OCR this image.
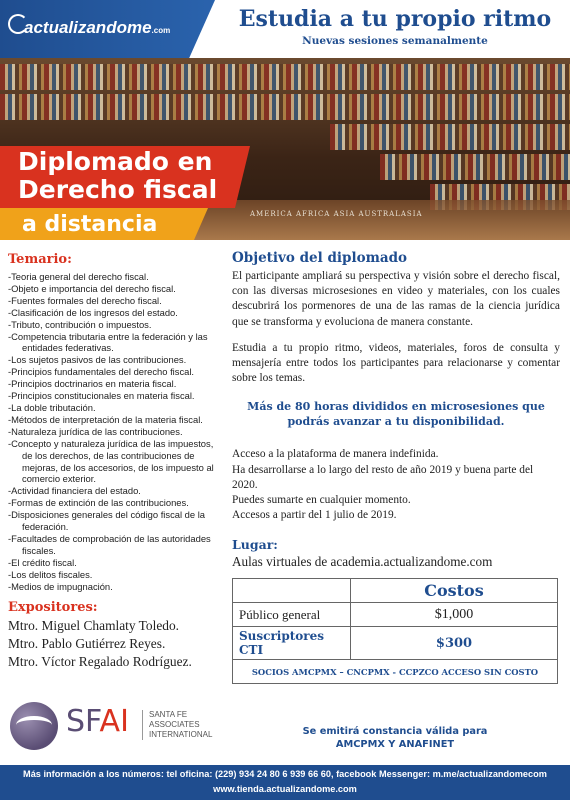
actualizandome.com	Estudia a tu propio ritmo
Nuevas sesiones semanalmente
AMERICA AFRICA ASIA AUSTRALASIA
Diplomado en
Derecho fiscal
a distancia
Temario:
-Teoria general del derecho fiscal.
-Objeto e importancia del derecho fiscal.
-Fuentes formales del derecho fiscal.
-Clasificación de los ingresos del estado.
-Tributo, contribución o impuestos.
-Competencia tributaria entre la federación y las entidades federativas.
-Los sujetos pasivos de las contribuciones.
-Principios fundamentales del derecho fiscal.
-Principios doctrinarios en materia fiscal.
-Principios constitucionales en materia fiscal.
-La doble tributación.
-Métodos de interpretación de la materia fiscal.
-Naturaleza jurídica de las contribuciones.
-Concepto y naturaleza jurídica de las impuestos, de los derechos, de las contribuciones de mejoras, de los accesorios, de los impuesto al comercio exterior.
-Actividad financiera del estado.
-Formas de extinción de las contribuciones.
-Disposiciones generales del código fiscal de la federación.
-Facultades de comprobación de las autoridades fiscales.
-El crédito fiscal.
-Los delitos fiscales.
-Medios de impugnación.
Expositores:
Mtro. Miguel Chamlaty Toledo.
Mtro. Pablo Gutiérrez Reyes.
Mtro. Víctor Regalado Rodríguez.
Objetivo del diplomado

El participante ampliará su perspectiva y visión sobre el derecho fiscal, con las diversas microsesiones en video y materiales, con los cuales descubrirá los pormenores de una de las ramas de la ciencia jurídica que se transforma y evoluciona de manera constante.

Estudia a tu propio ritmo, videos, materiales, foros de consulta y mensajería entre todos los participantes para relacionarse y comentar sobre los temas.

Más de 80 horas divididos en microsesiones que podrás avanzar a tu disponibilidad.
Acceso a la plataforma de manera indefinida.
Ha desarrollarse a lo largo del resto de año 2019 y buena parte del 2020.
Puedes sumarte en cualquier momento.
Accesos a partir del 1 julio de 2019.
Lugar:
Aulas virtuales de academia.actualizandome.com
	Costos
Público general	$1,000
Suscriptores CTI	$300
SOCIOS AMCPMX – CNCPMX - CCPZCO ACCESO SIN COSTO	
SFAI	SANTA FE ASSOCIATES INTERNATIONAL	Se emitirá constancia válida para
AMCPMX Y ANAFINET
Más información a los números: tel oficina: (229) 934 24 80 6 939 66 60, facebook Messenger: m.me/actualizandomecom
www.tienda.actualizandome.com
